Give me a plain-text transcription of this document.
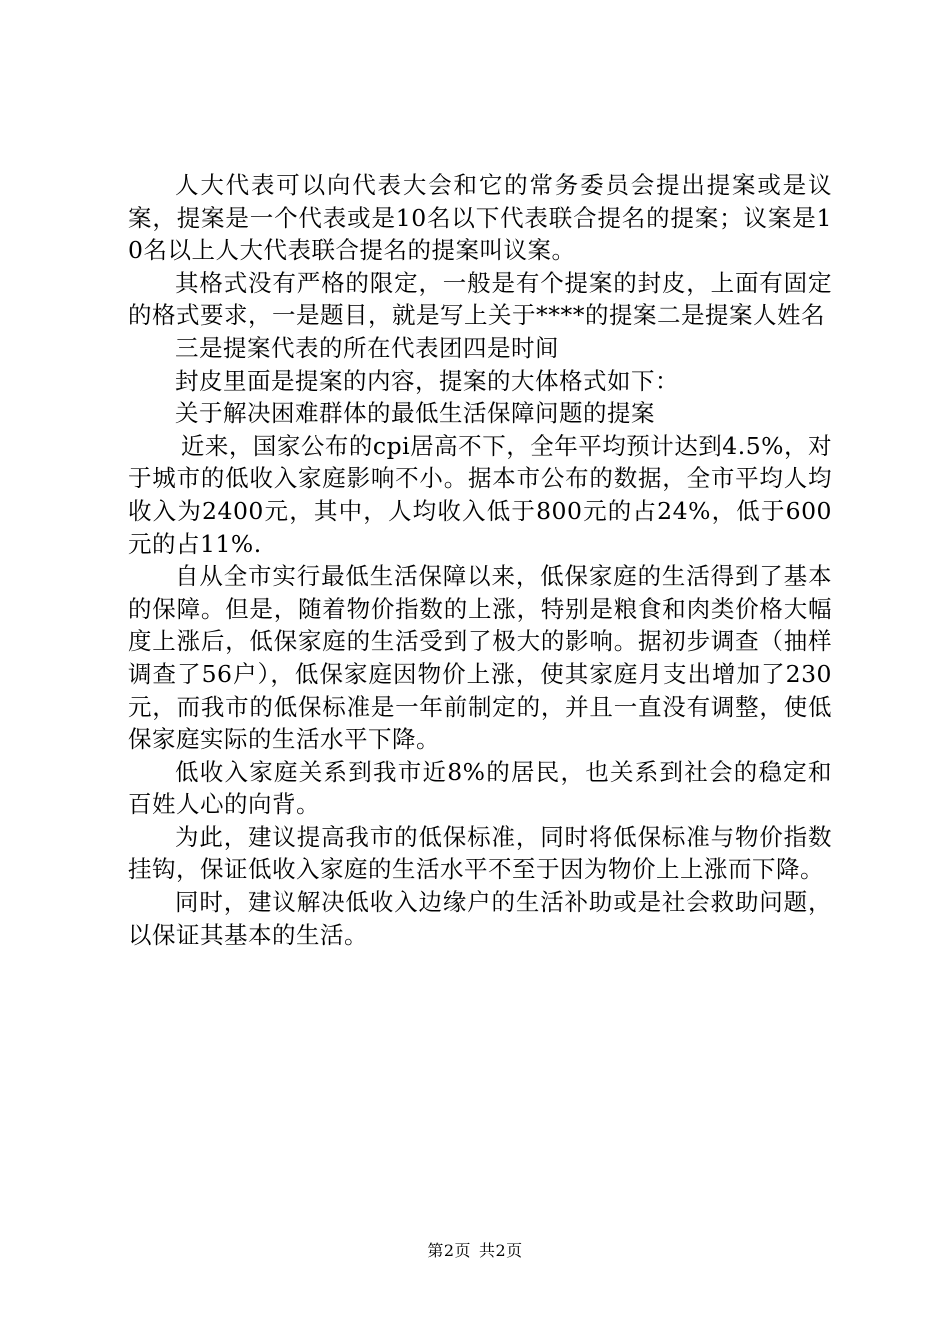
人大代表可以向代表大会和它的常务委员会提出提案或是议案，提案是一个代表或是10名以下代表联合提名的提案；议案是10名以上人大代表联合提名的提案叫议案。

其格式没有严格的限定，一般是有个提案的封皮，上面有固定的格式要求，一是题目，就是写上关于****的提案二是提案人姓名

三是提案代表的所在代表团四是时间

封皮里面是提案的内容，提案的大体格式如下：

关于解决困难群体的最低生活保障问题的提案

近来，国家公布的cpi居高不下，全年平均预计达到4.5%，对于城市的低收入家庭影响不小。据本市公布的数据，全市平均人均收入为2400元，其中，人均收入低于800元的占24%，低于600元的占11%.

自从全市实行最低生活保障以来，低保家庭的生活得到了基本的保障。但是，随着物价指数的上涨，特别是粮食和肉类价格大幅度上涨后，低保家庭的生活受到了极大的影响。据初步调查（抽样调查了56户），低保家庭因物价上涨，使其家庭月支出增加了230元，而我市的低保标准是一年前制定的，并且一直没有调整，使低保家庭实际的生活水平下降。

低收入家庭关系到我市近8%的居民，也关系到社会的稳定和百姓人心的向背。

为此，建议提高我市的低保标准，同时将低保标准与物价指数挂钩，保证低收入家庭的生活水平不至于因为物价上上涨而下降。

同时，建议解决低收入边缘户的生活补助或是社会救助问题，以保证其基本的生活。

第2页 共2页
